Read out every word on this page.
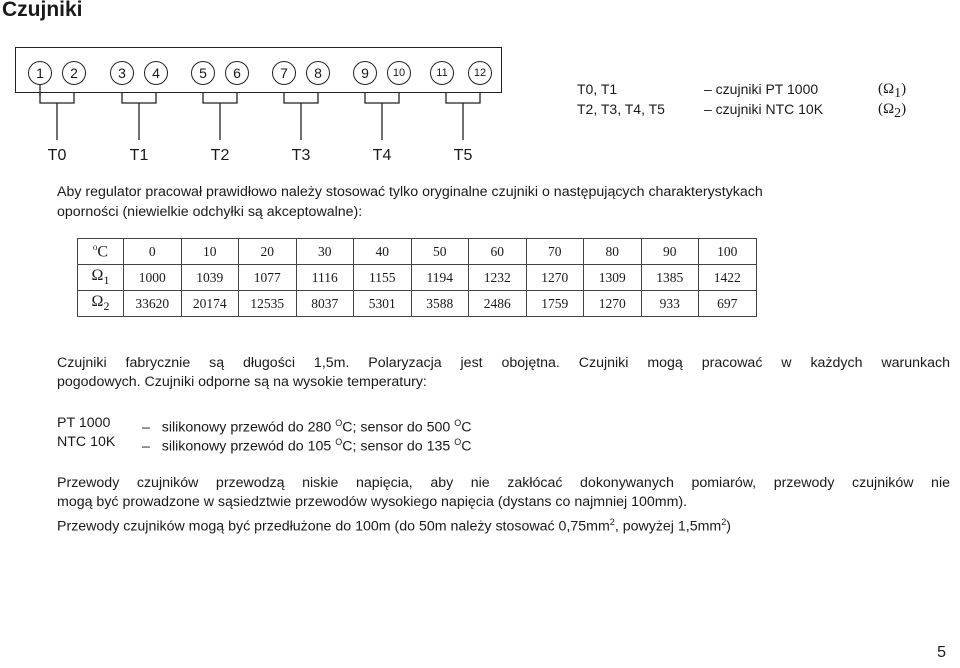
Czujniki
1	2	3	4	5	6	7	8	9	10	11	12
T0	T1	T2	T3	T4	T5
T0, T1	– czujniki PT 1000	$(\Omega_1)$
T2, T3, T4, T5	– czujniki NTC 10K	$(\Omega_2)$
Aby regulator pracował prawidłowo należy stosować tylko oryginalne czujniki o następujących charakterystykach
oporności (niewielkie odchyłki są akceptowalne):
$^o$C	0	10	20	30	40	50	60	70	80	90	100
$\Omega_1$	1000	1039	1077	1116	1155	1194	1232	1270	1309	1385	1422
$\Omega_2$	33620	20174	12535	8037	5301	3588	2486	1759	1270	933	697
Czujniki fabrycznie są długości 1,5m. Polaryzacja jest obojętna. Czujniki mogą pracować w każdych warunkach
pogodowych. Czujniki odporne są na wysokie temperatury:
PT 1000 –   silikonowy przewód do 280 $^O$C; sensor do 500 $^O$C
NTC 10K –   silikonowy przewód do 105 $^O$C; sensor do 135 $^O$C
Przewody czujników przewodzą niskie napięcia, aby nie zakłócać dokonywanych pomiarów, przewody czujników nie
mogą być prowadzone w sąsiedztwie przewodów wysokiego napięcia (dystans co najmniej 100mm).
Przewody czujników mogą być przedłużone do 100m (do 50m należy stosować $0,75mm^2$, powyżej $1,5mm^2$)
5
